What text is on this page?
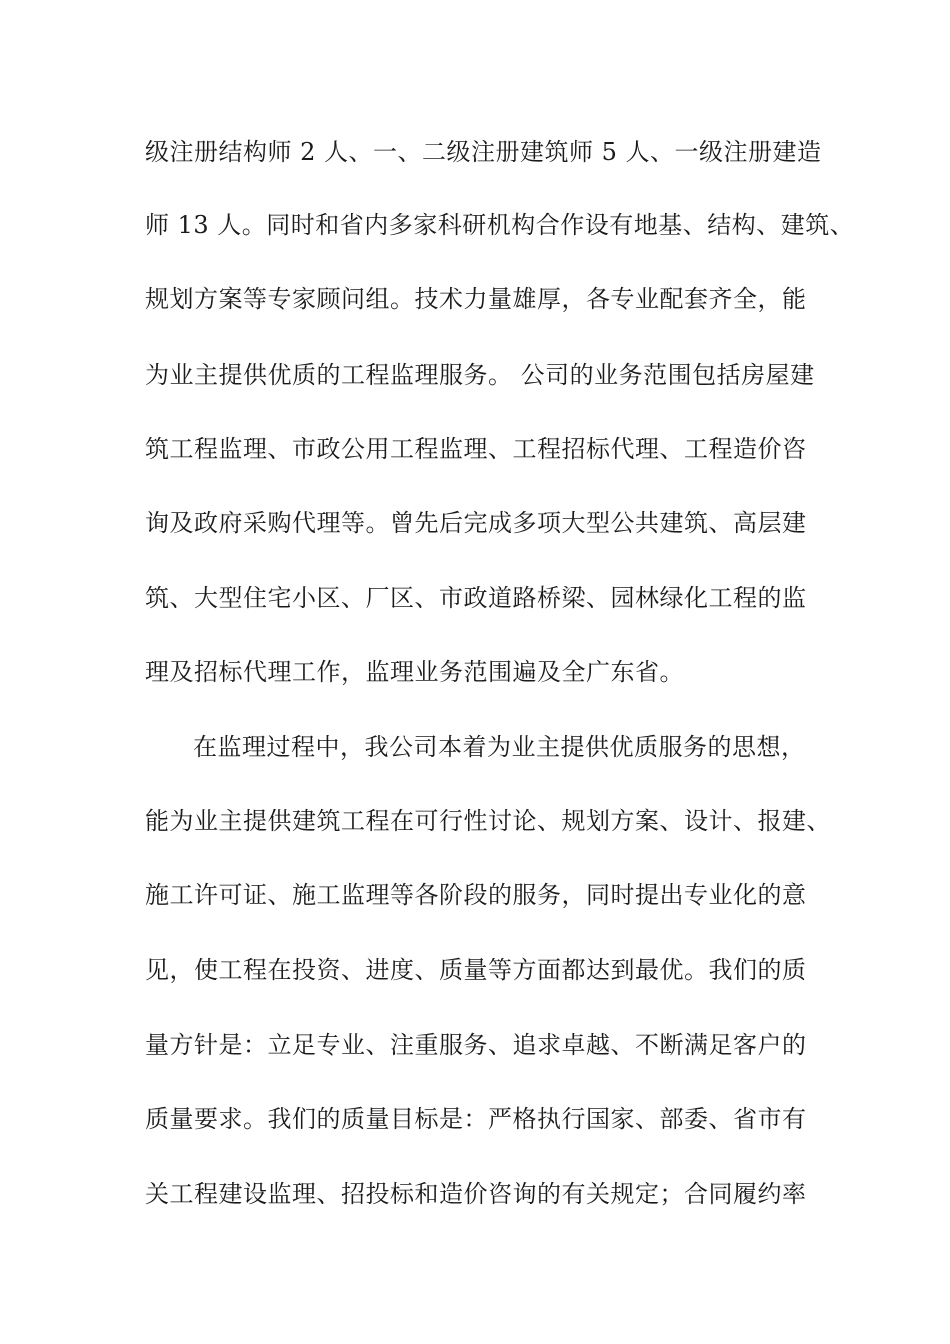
级注册结构师 2 人、一、二级注册建筑师 5 人、一级注册建造
师 13 人。同时和省内多家科研机构合作设有地基、结构、建筑、
规划方案等专家顾问组。技术力量雄厚，各专业配套齐全，能
为业主提供优质的工程监理服务。 公司的业务范围包括房屋建
筑工程监理、市政公用工程监理、工程招标代理、工程造价咨
询及政府采购代理等。曾先后完成多项大型公共建筑、高层建
筑、大型住宅小区、厂区、市政道路桥梁、园林绿化工程的监
理及招标代理工作，监理业务范围遍及全广东省。
在监理过程中，我公司本着为业主提供优质服务的思想，
能为业主提供建筑工程在可行性讨论、规划方案、设计、报建、
施工许可证、施工监理等各阶段的服务，同时提出专业化的意
见，使工程在投资、进度、质量等方面都达到最优。我们的质
量方针是：立足专业、注重服务、追求卓越、不断满足客户的
质量要求。我们的质量目标是：严格执行国家、部委、省市有
关工程建设监理、招投标和造价咨询的有关规定；合同履约率
